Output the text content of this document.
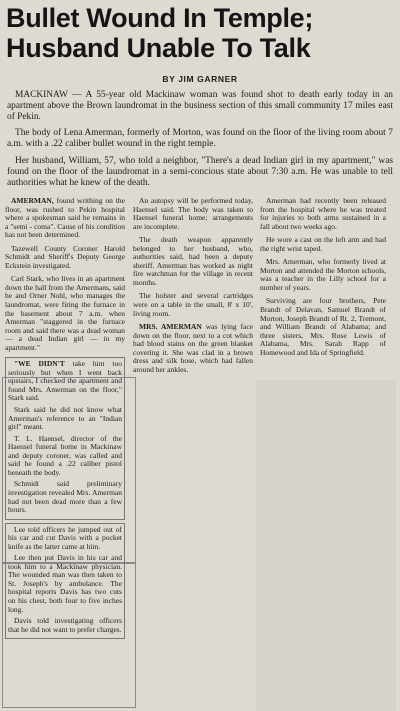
Bullet Wound In Temple;
Husband Unable To Talk
BY JIM GARNER
MACKINAW — A 55-year old Mackinaw woman was found shot to death early today in an apartment above the Brown laundromat in the business section of this small community 17 miles east of Pekin.
The body of Lena Amerman, formerly of Morton, was found on the floor of the living room about 7 a.m. with a .22 caliber bullet wound in the right temple.
Her husband, William, 57, who told a neighbor, "There's a dead Indian girl in my apartment," was found on the floor of the laundromat in a semi-concious state about 7:30 a.m. He was unable to tell authorities what he knew of the death.

AMERMAN, found writhing on the floor, was rushed to Pekin hospital where a spokesman said he remains in a "semi - coma". Cause of his condition has not been determined.

Tazewell County Coroner Harold Schmidt and Sheriff's Deputy George Eckstein investigated.

Carl Stark, who lives in an apartment down the hall from the Amermans, said he and Orner Nohl, who manages the laundromat, were firing the furnace in the basement about 7 a.m. when Amerman "staggered in the furnace room and said there was a dead woman — a dead Indian girl — in my apartment."

"WE DIDN'T take him too seriously but when I went back upstairs, I checked the apartment and found Mrs. Amerman on the floor," Stark said.

Stark said he did not know what Amerman's reference to an "Indian girl" meant.

T. L. Haensel, director of the Haensel funeral home in Mackinaw and deputy coroner, was called and said he found a .22 caliber pistol beneath the body.

Schmidt said preliminary investigation revealed Mrs. Amerman had not been dead more than a few hours.

Lee told officers he jumped out of his car and cut Davis with a pocket knife as the latter came at him.

Lee then put Davis in his car and took him to a Mackinaw physician. The wounded man was then taken to St. Joseph's by ambulance. The hospital reports Davis has two cuts on his chest, both four to five inches long.

Davis told investigating officers that he did not want to prefer charges.

An autopsy will be performed today, Haensel said. The body was taken to Haensel funeral home; arrangements are incomplete.

The death weapon apparently belonged to her husband, who, authorities said, had been a deputy sheriff. Amerman has worked as night fire watchman for the village in recent months.

The holster and several cartridges were on a table in the small, 8' x 10', living room.

MRS. AMERMAN was lying face down on the floor, next to a cot which had blood stains on the green blanket covering it. She was clad in a brown dress and silk hose, which had fallen around her ankles.

Amerman had recently been released from the hospital where he was treated for injuries to both arms sustained in a fall about two weeks ago.

He wore a cast on the left arm and had the right wrist taped.

Mrs. Amerman, who formerly lived at Morton and attended the Morton schools, was a teacher in the Lilly school for a number of years.

Surviving are four brothers, Pete Brandt of Delavan, Samuel Brandt of Morton, Joseph Brandt of Rt. 2, Tremont, and William Brandt of Alabama; and three sisters, Mrs. Rose Lewis of Alabama, Mrs. Sarah Rapp of Homewood and Ida of Springfield.
